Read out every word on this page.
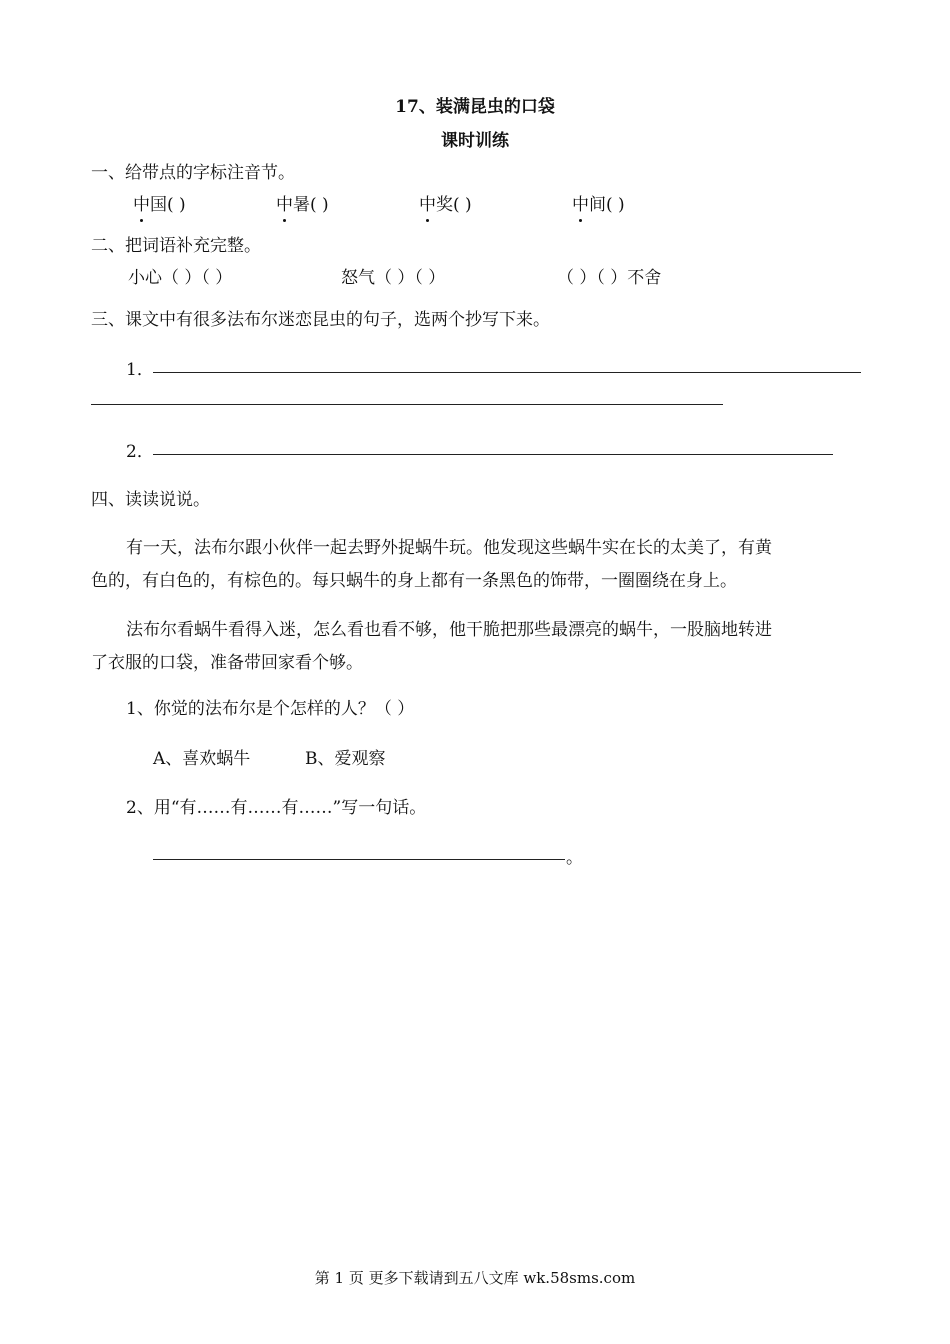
17、装满昆虫的口袋
课时训练
一、给带点的字标注音节。
中国( )	中暑( )	中奖( )	中间( )
二、把词语补充完整。
小心（ ）（ ）	怒气（ ）（ ）	（ ）（ ）不舍
三、课文中有很多法布尔迷恋昆虫的句子，选两个抄写下来。
1．
2．
四、读读说说。
有一天，法布尔跟小伙伴一起去野外捉蜗牛玩。他发现这些蜗牛实在长的太美了，有黄
色的，有白色的，有棕色的。每只蜗牛的身上都有一条黑色的饰带，一圈圈绕在身上。
法布尔看蜗牛看得入迷，怎么看也看不够，他干脆把那些最漂亮的蜗牛，一股脑地转进
了衣服的口袋，准备带回家看个够。
1、你觉的法布尔是个怎样的人？（ ）
A、喜欢蜗牛	B、爱观察
2、用“有……有……有……”写一句话。
。
第 1 页 更多下载请到五八文库 wk.58sms.com
